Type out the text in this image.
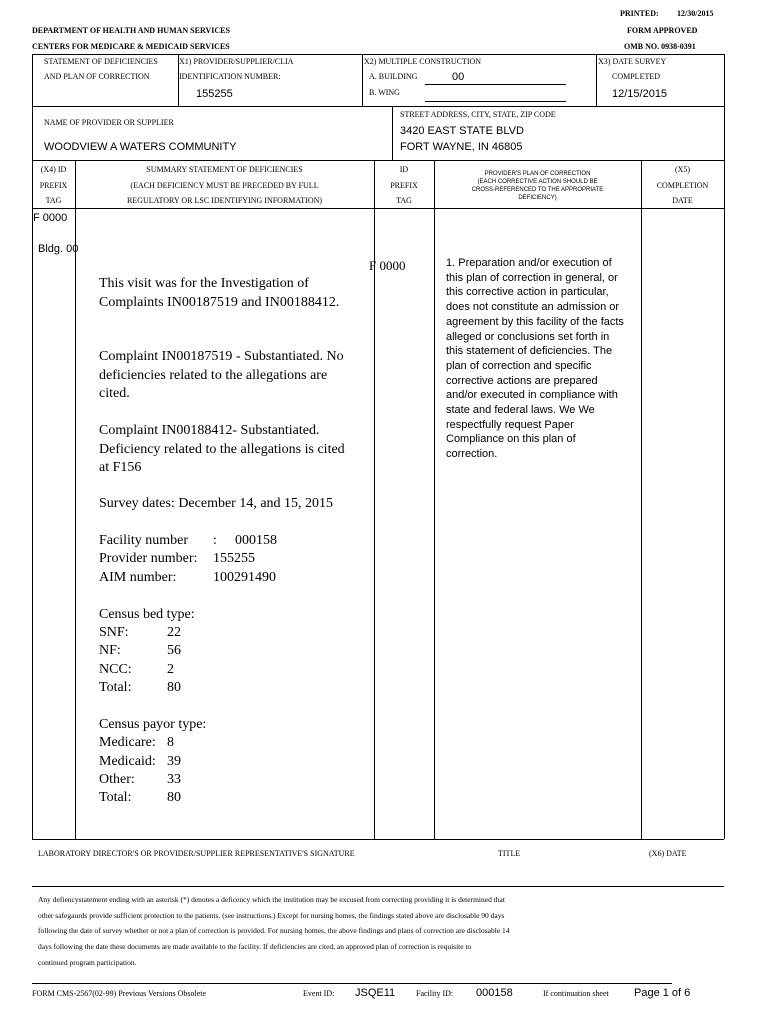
PRINTED: 12/30/2015
DEPARTMENT OF HEALTH AND HUMAN SERVICES	FORM APPROVED
CENTERS FOR MEDICARE & MEDICAID SERVICES	OMB NO. 0938-0391
STATEMENT OF DEFICIENCIES
AND PLAN OF CORRECTION
X1) PROVIDER/SUPPLIER/CLIA
IDENTIFICATION NUMBER:
155255
X2) MULTIPLE CONSTRUCTION
A. BUILDING	00
B. WING
X3) DATE SURVEY
COMPLETED
12/15/2015
NAME OF PROVIDER OR SUPPLIER
WOODVIEW A WATERS COMMUNITY
STREET ADDRESS, CITY, STATE, ZIP CODE
3420 EAST STATE BLVD
FORT WAYNE, IN 46805
(X4) ID
PREFIX
TAG
SUMMARY STATEMENT OF DEFICIENCIES
(EACH DEFICIENCY MUST BE PRECEDED BY FULL
REGULATORY OR LSC IDENTIFYING INFORMATION)
ID
PREFIX
TAG
PROVIDER'S PLAN OF CORRECTION
(EACH CORRECTIVE ACTION SHOULD BE
CROSS-REFERENCED TO THE APPROPRIATE
DEFICIENCY)
(X5)
COMPLETION
DATE
F 0000
Bldg. 00
F 0000
This visit was for the Investigation of Complaints IN00187519 and IN00188412.
Complaint IN00187519 - Substantiated. No deficiencies related to the allegations are cited.
Complaint IN00188412- Substantiated. Deficiency related to the allegations is cited at F156
Survey dates: December 14, and 15, 2015
Facility number : 000158
Provider number: 155255
AIM number:	100291490
Census bed type:
SNF:	22
NF:	56
NCC:	2
Total:	80
Census payor type:
Medicare: 8
Medicaid: 39
Other: 33
Total:	80
1. Preparation and/or execution of this plan of correction in general, or this corrective action in particular, does not constitute an admission or agreement by this facility of the facts alleged or conclusions set forth in this statement of deficiencies. The plan of correction and specific corrective actions are prepared and/or executed in compliance with state and federal laws. We We respectfully request Paper Compliance on this plan of correction.
LABORATORY DIRECTOR'S OR PROVIDER/SUPPLIER REPRESENTATIVE'S SIGNATURE	TITLE	(X6) DATE
Any defiencystatement ending with an asterisk (*) denotes a deficency which the institution may be excused from correcting providing it is determined that
other safegaurds provide sufficient protection to the patients. (see instructions.) Except for nursing homes, the findings stated above are disclosable 90 days
following the date of survey whether or not a plan of correction is provided. For nursing homes, the above findings and plans of correction are disclosable 14
days following the date these documents are made available to the facility. If deficiencies are cited, an approved plan of correction is requisite to
continued program participation.
FORM CMS-2567(02-99) Previous Versions Obsolete	Event ID: JSQE11	Facility ID: 000158	If continuation sheet Page 1 of 6
